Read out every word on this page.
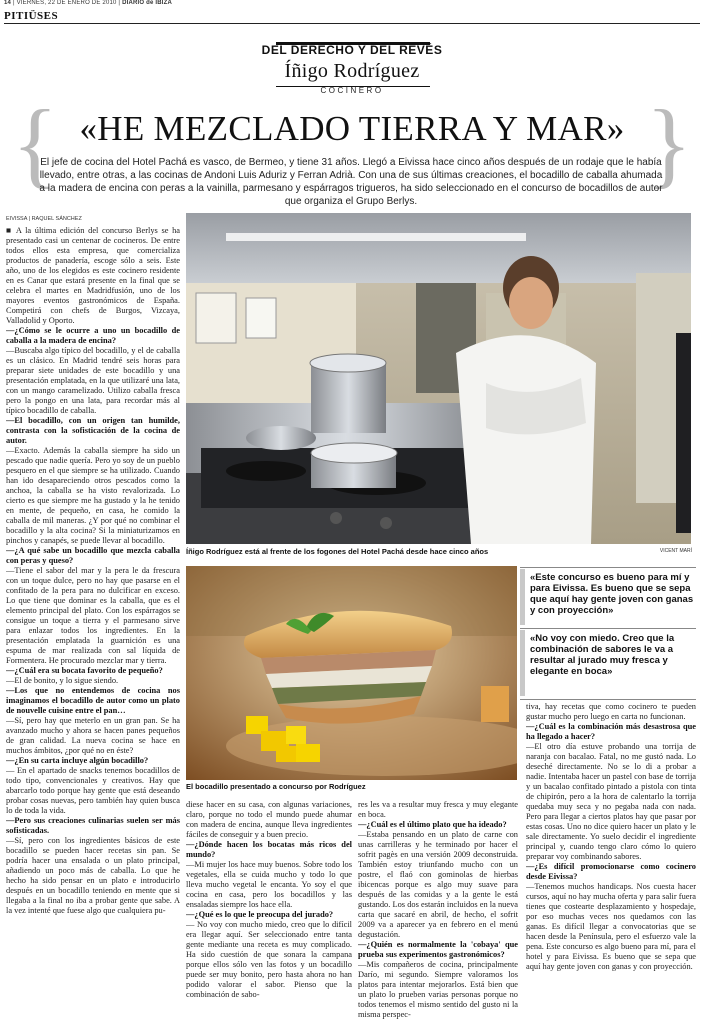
14 | VIERNES, 22 DE ENERO DE 2010 | DIARIO de IBIZA
PITIÜSES
DEL DERECHO Y DEL REVÉS
Íñigo Rodríguez
COCINERO
{	}
«HE MEZCLADO TIERRA Y MAR»
El jefe de cocina del Hotel Pachá es vasco, de Bermeo, y tiene 31 años. Llegó a Eivissa hace cinco años después de un rodaje que le había llevado, entre otras, a las cocinas de Andoni Luis Aduriz y Ferran Adrià. Con una de sus últimas creaciones, el bocadillo de caballa ahumada a la madera de encina con peras a la vainilla, parmesano y espárragos trigueros, ha sido seleccionado en el concurso de bocadillos de autor que organiza el Grupo Berlys.
EIVISSA | RAQUEL SÁNCHEZ

■ A la última edición del concurso Berlys se ha presentado casi un centenar de cocineros. De entre todos ellos esta empresa, que comercializa productos de panadería, escoge sólo a seis. Este año, uno de los elegidos es este cocinero residente en es Canar que estará presente en la final que se celebra el martes en Madridfusión, uno de los mayores eventos gastronómicos de España. Competirá con chefs de Burgos, Vizcaya, Valladolid y Oporto.

—¿Cómo se le ocurre a uno un bocadillo de caballa a la madera de encina?

—Buscaba algo típico del bocadillo, y el de caballa es un clásico. En Madrid tendré seis horas para preparar siete unidades de este bocadillo y una presentación emplatada, en la que utilizaré una lata, con un mango caramelizado. Utilizo caballa fresca pero la pongo en una lata, para recordar más al típico bocadillo de caballa.

—El bocadillo, con un origen tan humilde, contrasta con la sofisticación de la cocina de autor.

—Exacto. Además la caballa siempre ha sido un pescado que nadie quería. Pero yo soy de un pueblo pesquero en el que siempre se ha utilizado. Cuando han ido desapareciendo otros pescados como la anchoa, la caballa se ha visto revalorizada. Lo cierto es que siempre me ha gustado y la he tenido en mente, de pequeño, en casa, he comido la caballa de mil maneras. ¿Y por qué no combinar el bocadillo y la alta cocina? Si la miniaturizamos en pinchos y canapés, se puede llevar al bocadillo.

—¿A qué sabe un bocadillo que mezcla caballa con peras y queso?

—Tiene el sabor del mar y la pera le da frescura con un toque dulce, pero no hay que pasarse en el confitado de la pera para no dulcificar en exceso. Lo que tiene que dominar es la caballa, que es el elemento principal del plato. Con los espárragos se consigue un toque a tierra y el parmesano sirve para enlazar todos los ingredientes. En la presentación emplatada la guarnición es una espuma de mar realizada con sal líquida de Formentera. He procurado mezclar mar y tierra.

—¿Cuál era su bocata favorito de pequeño?

—El de bonito, y lo sigue siendo.

—Los que no entendemos de cocina nos imaginamos el bocadillo de autor como un plato de nouvelle cuisine entre el pan…

—Sí, pero hay que meterlo en un gran pan. Se ha avanzado mucho y ahora se hacen panes pequeños de gran calidad. La nueva cocina se hace en muchos ámbitos, ¿por qué no en éste?

—¿En su carta incluye algún bocadillo?

— En el apartado de snacks tenemos bocadillos de todo tipo, convencionales y creativos. Hay que abarcarlo todo porque hay gente que está deseando probar cosas nuevas, pero también hay quien busca lo de toda la vida.

—Pero sus creaciones culinarias suelen ser más sofisticadas.

—Sí, pero con los ingredientes básicos de este bocadillo se pueden hacer recetas sin pan. Se podría hacer una ensalada o un plato principal, añadiendo un poco más de caballa. Lo que he hecho ha sido pensar en un plato e introducirlo después en un bocadillo teniendo en mente que si llegaba a la final no iba a probar gente que sabe. A la vez intenté que fuese algo que cualquiera pu-

Íñigo Rodríguez está al frente de los fogones del Hotel Pachá desde hace cinco años	VICENT MARÍ
El bocadillo presentado a concurso por Rodríguez
«Este concurso es bueno para mí y para Eivissa. Es bueno que se sepa que aquí hay gente joven con ganas y con proyección»
«No voy con miedo. Creo que la combinación de sabores le va a resultar al jurado muy fresca y elegante en boca»

diese hacer en su casa, con algunas variaciones, claro, porque no todo el mundo puede ahumar con madera de encina, aunque lleva ingredientes fáciles de conseguir y a buen precio.

—¿Dónde hacen los bocatas más ricos del mundo?

—Mi mujer los hace muy buenos. Sobre todo los vegetales, ella se cuida mucho y todo lo que lleva mucho vegetal le encanta. Yo soy el que cocina en casa, pero los bocadillos y las ensaladas siempre los hace ella.

—¿Qué es lo que le preocupa del jurado?

— No voy con mucho miedo, creo que lo difícil era llegar aquí. Ser seleccionado entre tanta gente mediante una receta es muy complicado. Ha sido cuestión de que sonara la campana porque ellos sólo ven las fotos y un bocadillo puede ser muy bonito, pero hasta ahora no han podido valorar el sabor. Pienso que la combinación de sabo-

res les va a resultar muy fresca y muy elegante en boca.

—¿Cuál es el último plato que ha ideado?

—Estaba pensando en un plato de carne con unas carrilleras y he terminado por hacer el sofrit pagès en una versión 2009 deconstruida. También estoy triunfando mucho con un postre, el flaó con gominolas de hierbas ibicencas porque es algo muy suave para después de las comidas y a la gente le está gustando. Los dos estarán incluidos en la nueva carta que sacaré en abril, de hecho, el sofrit 2009 va a aparecer ya en febrero en el menú degustación.

—¿Quién es normalmente la 'cobaya' que prueba sus experimentos gastronómicos?

—Mis compañeros de cocina, principalmente Darío, mi segundo. Siempre valoramos los platos para intentar mejorarlos. Está bien que un plato lo prueben varias personas porque no todos tenemos el mismo sentido del gusto ni la misma perspec-

tiva, hay recetas que como cocinero te pueden gustar mucho pero luego en carta no funcionan.

—¿Cuál es la combinación más desastrosa que ha llegado a hacer?

—El otro día estuve probando una torrija de naranja con bacalao. Fatal, no me gustó nada. Lo deseché directamente. No se lo di a probar a nadie. Intentaba hacer un pastel con base de torrija y un bacalao confitado pintado a pistola con tinta de chipirón, pero a la hora de calentarlo la torrija quedaba muy seca y no pegaba nada con nada. Pero para llegar a ciertos platos hay que pasar por estas cosas. Uno no dice quiero hacer un plato y le sale directamente. Yo suelo decidir el ingrediente principal y, cuando tengo claro cómo lo quiero preparar voy combinando sabores.

—¿Es difícil promocionarse como cocinero desde Eivissa?

—Tenemos muchos handicaps. Nos cuesta hacer cursos, aquí no hay mucha oferta y para salir fuera tienes que costearte desplazamiento y hospedaje, por eso muchas veces nos quedamos con las ganas. Es difícil llegar a convocatorias que se hacen desde la Península, pero el esfuerzo vale la pena. Este concurso es algo bueno para mí, para el hotel y para Eivissa. Es bueno que se sepa que aquí hay gente joven con ganas y con proyección.
